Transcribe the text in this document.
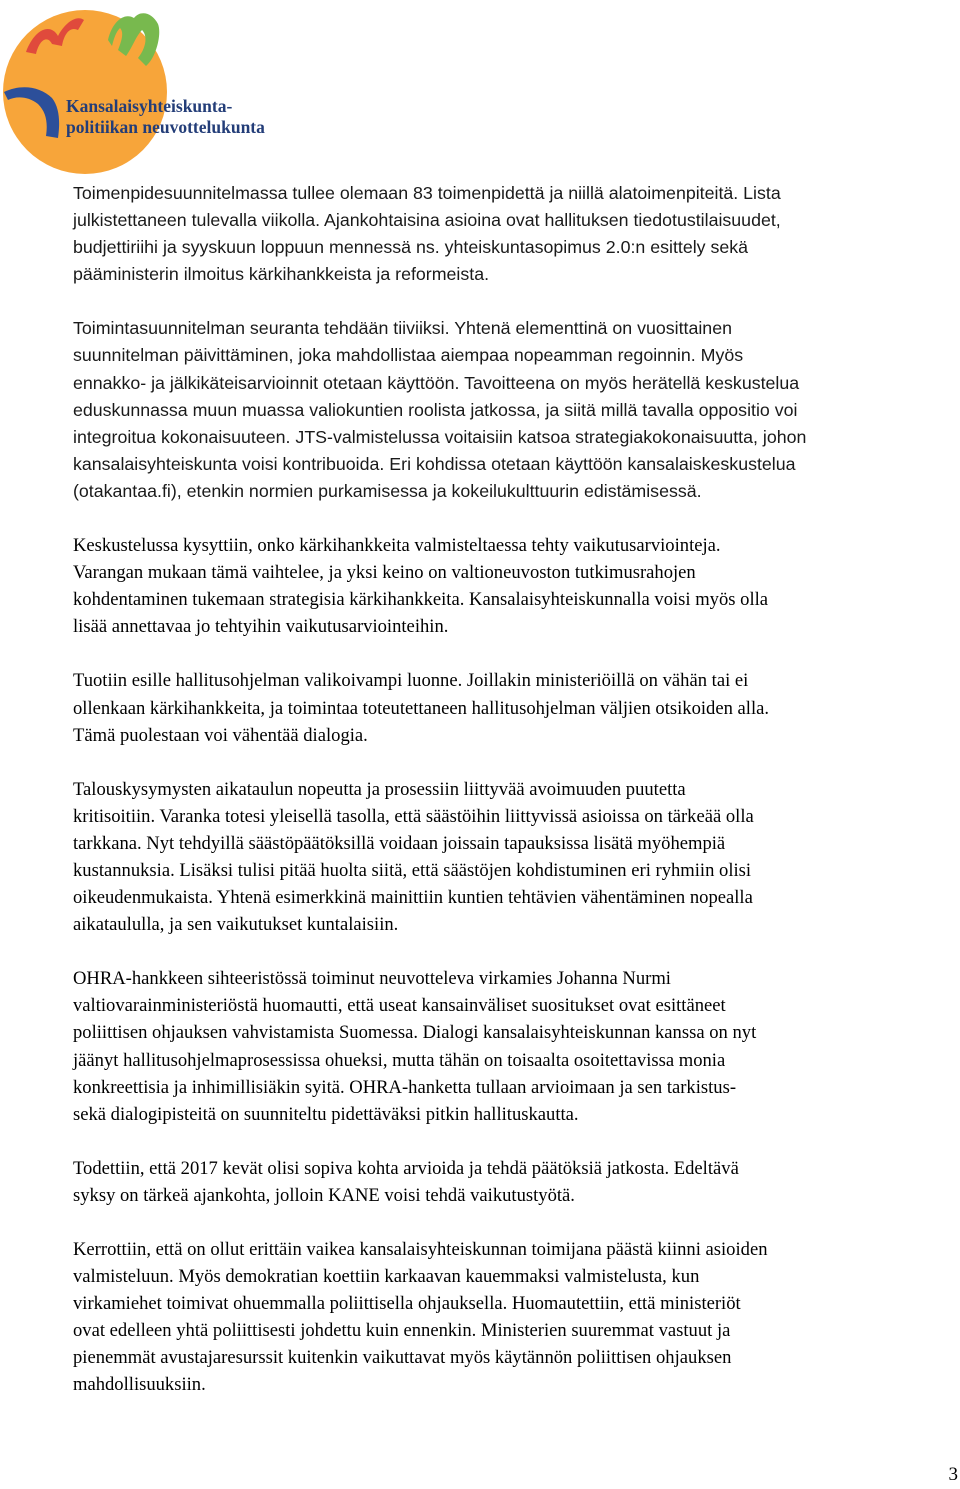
Kansalaisyhteiskunta-
politiikan neuvottelukunta

Toimenpidesuunnitelmassa tullee olemaan 83 toimenpidettä ja niillä alatoimenpiteitä. Lista
julkistettaneen tulevalla viikolla. Ajankohtaisina asioina ovat hallituksen tiedotustilaisuudet,
budjettiriihi ja syyskuun loppuun mennessä ns. yhteiskuntasopimus 2.0:n esittely sekä
pääministerin ilmoitus kärkihankkeista ja reformeista.

Toimintasuunnitelman seuranta tehdään tiiviiksi. Yhtenä elementtinä on vuosittainen
suunnitelman päivittäminen, joka mahdollistaa aiempaa nopeamman regoinnin. Myös
ennakko- ja jälkikäteisarvioinnit otetaan käyttöön. Tavoitteena on myös herätellä keskustelua
eduskunnassa muun muassa valiokuntien roolista jatkossa, ja siitä millä tavalla oppositio voi
integroitua kokonaisuuteen. JTS-valmistelussa voitaisiin katsoa strategiakokonaisuutta, johon
kansalaisyhteiskunta voisi kontribuoida. Eri kohdissa otetaan käyttöön kansalaiskeskustelua
(otakantaa.fi), etenkin normien purkamisessa ja kokeilukulttuurin edistämisessä.

Keskustelussa kysyttiin, onko kärkihankkeita valmisteltaessa tehty vaikutusarviointeja.
Varangan mukaan tämä vaihtelee, ja yksi keino on valtioneuvoston tutkimusrahojen
kohdentaminen tukemaan strategisia kärkihankkeita. Kansalaisyhteiskunnalla voisi myös olla
lisää annettavaa jo tehtyihin vaikutusarviointeihin.

Tuotiin esille hallitusohjelman valikoivampi luonne. Joillakin ministeriöillä on vähän tai ei
ollenkaan kärkihankkeita, ja toimintaa toteutettaneen hallitusohjelman väljien otsikoiden alla.
Tämä puolestaan voi vähentää dialogia.

Talouskysymysten aikataulun nopeutta ja prosessiin liittyvää avoimuuden puutetta
kritisoitiin. Varanka totesi yleisellä tasolla, että säästöihin liittyvissä asioissa on tärkeää olla
tarkkana. Nyt tehdyillä säästöpäätöksillä voidaan joissain tapauksissa lisätä myöhempiä
kustannuksia. Lisäksi tulisi pitää huolta siitä, että säästöjen kohdistuminen eri ryhmiin olisi
oikeudenmukaista. Yhtenä esimerkkinä mainittiin kuntien tehtävien vähentäminen nopealla
aikataululla, ja sen vaikutukset kuntalaisiin.

OHRA-hankkeen sihteeristössä toiminut neuvotteleva virkamies Johanna Nurmi
valtiovarainministeriöstä huomautti, että useat kansainväliset suositukset ovat esittäneet
poliittisen ohjauksen vahvistamista Suomessa. Dialogi kansalaisyhteiskunnan kanssa on nyt
jäänyt hallitusohjelmaprosessissa ohueksi, mutta tähän on toisaalta osoitettavissa monia
konkreettisia ja inhimillisiäkin syitä. OHRA-hanketta tullaan arvioimaan ja sen tarkistus-
sekä dialogipisteitä on suunniteltu pidettäväksi pitkin hallituskautta.

Todettiin, että 2017 kevät olisi sopiva kohta arvioida ja tehdä päätöksiä jatkosta. Edeltävä
syksy on tärkeä ajankohta, jolloin KANE voisi tehdä vaikutustyötä.

Kerrottiin, että on ollut erittäin vaikea kansalaisyhteiskunnan toimijana päästä kiinni asioiden
valmisteluun. Myös demokratian koettiin karkaavan kauemmaksi valmistelusta, kun
virkamiehet toimivat ohuemmalla poliittisella ohjauksella. Huomautettiin, että ministeriöt
ovat edelleen yhtä poliittisesti johdettu kuin ennenkin. Ministerien suuremmat vastuut ja
pienemmät avustajaresurssit kuitenkin vaikuttavat myös käytännön poliittisen ohjauksen
mahdollisuuksiin.

3
